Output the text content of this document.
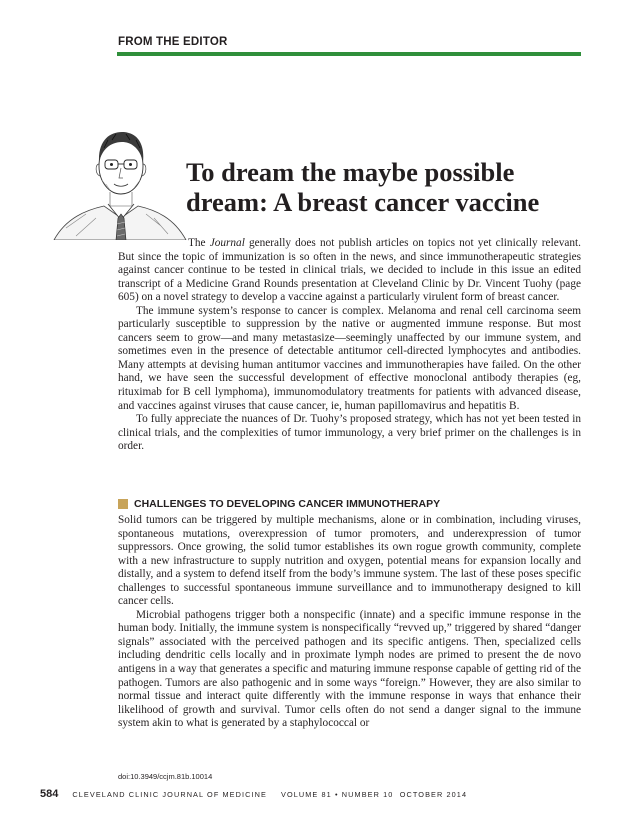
FROM THE EDITOR
To dream the maybe possible dream: A breast cancer vaccine

The Journal generally does not publish articles on topics not yet clinically relevant. But since the topic of immunization is so often in the news, and since immunotherapeutic strategies against cancer continue to be tested in clinical trials, we decided to include in this issue an edited transcript of a Medicine Grand Rounds presentation at Cleveland Clinic by Dr. Vincent Tuohy (page 605) on a novel strategy to develop a vaccine against a particularly virulent form of breast cancer.

The immune system’s response to cancer is complex. Melanoma and renal cell carcinoma seem particularly susceptible to suppression by the native or augmented immune response. But most cancers seem to grow—and many metastasize—seemingly unaffected by our immune system, and sometimes even in the presence of detectable antitumor cell-directed lymphocytes and antibodies. Many attempts at devising human antitumor vaccines and immunotherapies have failed. On the other hand, we have seen the successful development of effective monoclonal antibody therapies (eg, rituximab for B cell lymphoma), immunomodulatory treatments for patients with advanced disease, and vaccines against viruses that cause cancer, ie, human papillomavirus and hepatitis B.

To fully appreciate the nuances of Dr. Tuohy’s proposed strategy, which has not yet been tested in clinical trials, and the complexities of tumor immunology, a very brief primer on the challenges is in order.

CHALLENGES TO DEVELOPING CANCER IMMUNOTHERAPY

Solid tumors can be triggered by multiple mechanisms, alone or in combination, including viruses, spontaneous mutations, overexpression of tumor promoters, and underexpression of tumor suppressors. Once growing, the solid tumor establishes its own rogue growth community, complete with a new infrastructure to supply nutrition and oxygen, potential means for expansion locally and distally, and a system to defend itself from the body’s immune system. The last of these poses specific challenges to successful spontaneous immune surveillance and to immunotherapy designed to kill cancer cells.

Microbial pathogens trigger both a nonspecific (innate) and a specific immune response in the human body. Initially, the immune system is nonspecifically “revved up,” triggered by shared “danger signals” associated with the perceived pathogen and its specific antigens. Then, specialized cells including dendritic cells locally and in proximate lymph nodes are primed to present the de novo antigens in a way that generates a specific and maturing immune response capable of getting rid of the pathogen. Tumors are also pathogenic and in some ways “foreign.” However, they are also similar to normal tissue and interact quite differently with the immune response in ways that enhance their likelihood of growth and survival. Tumor cells often do not send a danger signal to the immune system akin to what is generated by a staphylococcal or

doi:10.3949/ccjm.81b.10014
584 CLEVELAND CLINIC JOURNAL OF MEDICINE VOLUME 81 • NUMBER 10 OCTOBER 2014
